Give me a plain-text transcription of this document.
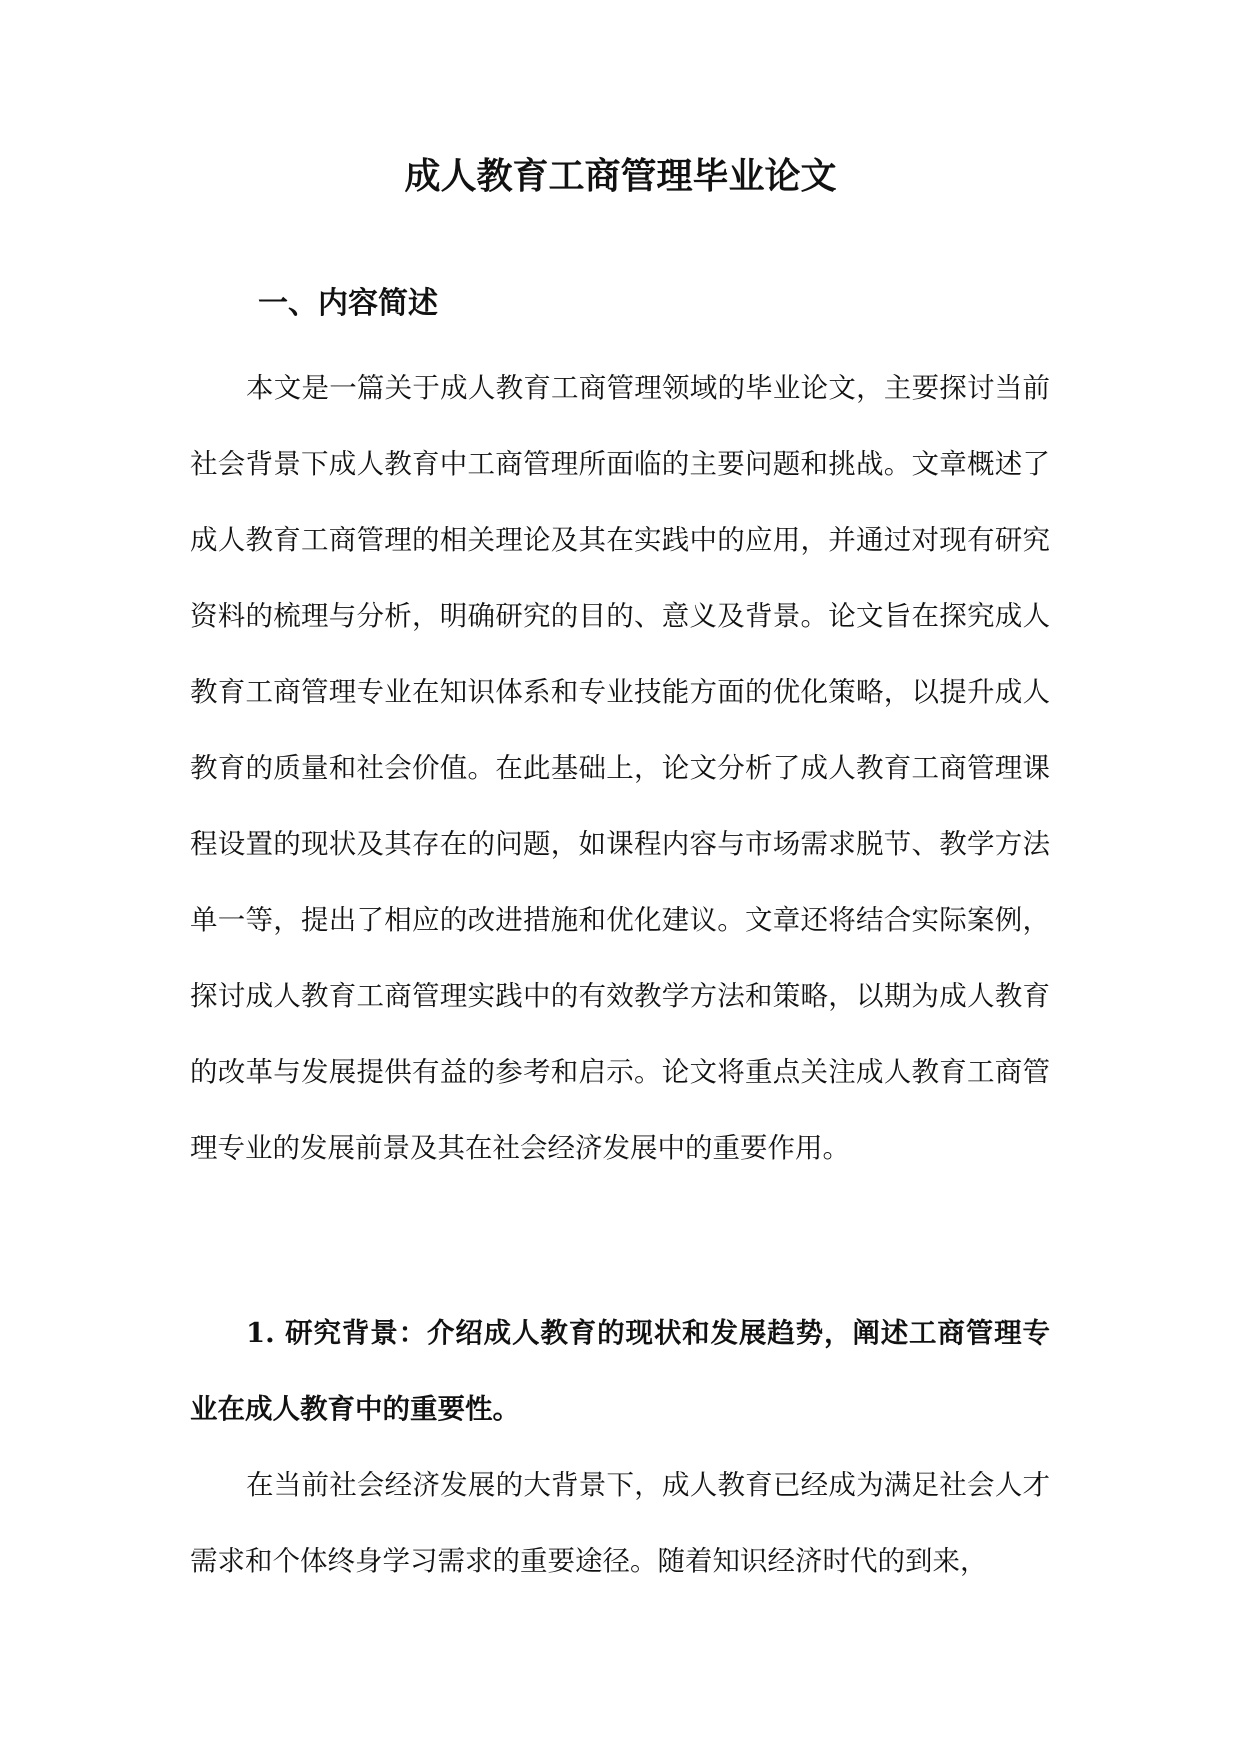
成人教育工商管理毕业论文
一、内容简述

本文是一篇关于成人教育工商管理领域的毕业论文，主要探讨当前社会背景下成人教育中工商管理所面临的主要问题和挑战。文章概述了成人教育工商管理的相关理论及其在实践中的应用，并通过对现有研究资料的梳理与分析，明确研究的目的、意义及背景。论文旨在探究成人教育工商管理专业在知识体系和专业技能方面的优化策略，以提升成人教育的质量和社会价值。在此基础上，论文分析了成人教育工商管理课程设置的现状及其存在的问题，如课程内容与市场需求脱节、教学方法单一等，提出了相应的改进措施和优化建议。文章还将结合实际案例，探讨成人教育工商管理实践中的有效教学方法和策略，以期为成人教育的改革与发展提供有益的参考和启示。论文将重点关注成人教育工商管理专业的发展前景及其在社会经济发展中的重要作用。

1. 研究背景：介绍成人教育的现状和发展趋势，阐述工商管理专业在成人教育中的重要性。

在当前社会经济发展的大背景下，成人教育已经成为满足社会人才需求和个体终身学习需求的重要途径。随着知识经济时代的到来，
